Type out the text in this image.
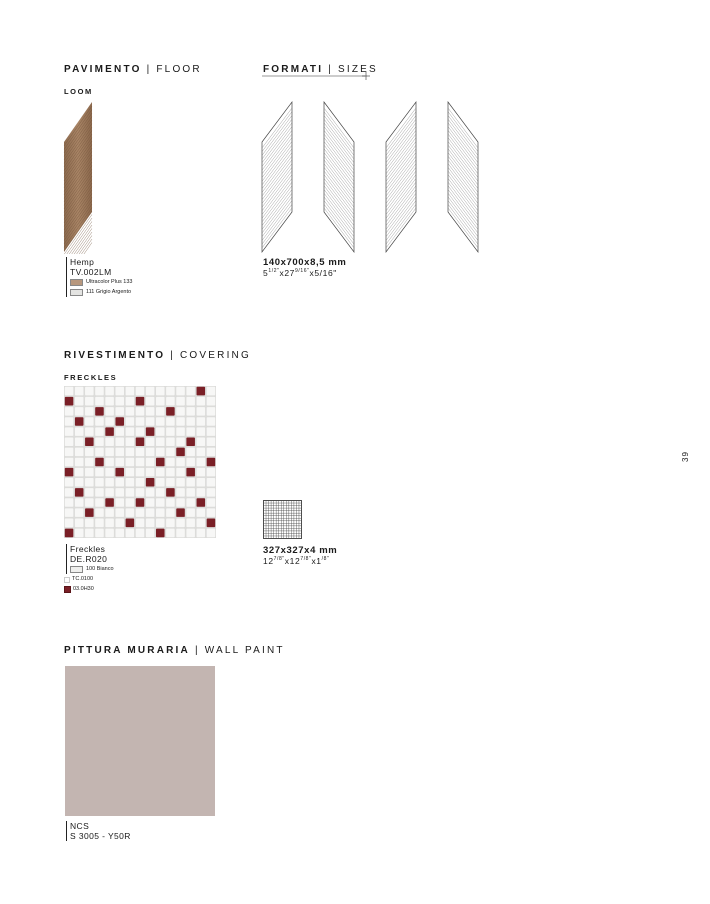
PAVIMENTO | FLOOR
LOOM
Hemp
TV.002LM
Ultracolor Plus 133
111 Grigio Argento
FORMATI | SIZES
140x700x8,5 mm
$5^{1/2"}x27^{9/16"}x5/16$"
RIVESTIMENTO | COVERING
FRECKLES
Freckles
DE.R020
100 Bianco
TC.0100
03.0H30
327x327x4 mm
$12^{7/8"}x12^{7/8"}x1^{/8"}$
39
PITTURA MURARIA | WALL PAINT
NCS
S 3005 - Y50R
